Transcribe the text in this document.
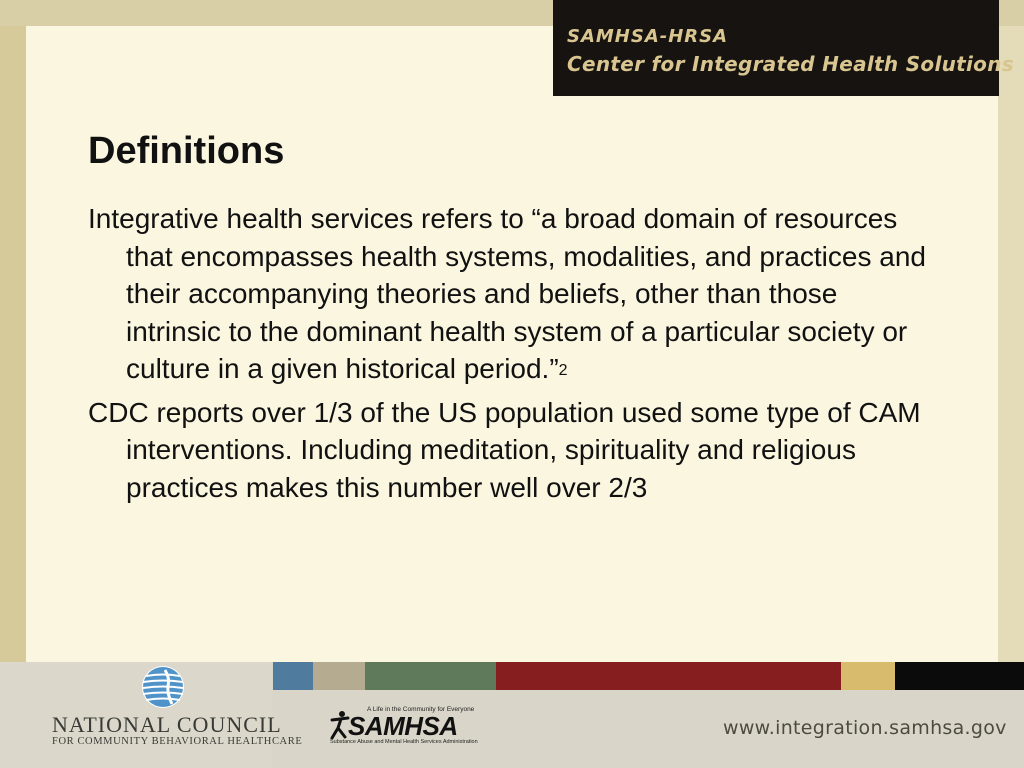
SAMHSA-HRSA
Center for Integrated Health Solutions
Definitions

Integrative health services refers to “a broad domain of resources that encompasses health systems, modalities, and practices and their accompanying theories and beliefs, other than those intrinsic to the dominant health system of a particular society or culture in a given historical period.”$^2$

CDC reports over 1/3 of the US population used some type of CAM interventions. Including meditation, spirituality and religious practices makes this number well over 2/3

NATIONAL COUNCIL
FOR COMMUNITY BEHAVIORAL HEALTHCARE
A Life in the Community for Everyone
SAMHSA
Substance Abuse and Mental Health Services Administration
www.integration.samhsa.gov
